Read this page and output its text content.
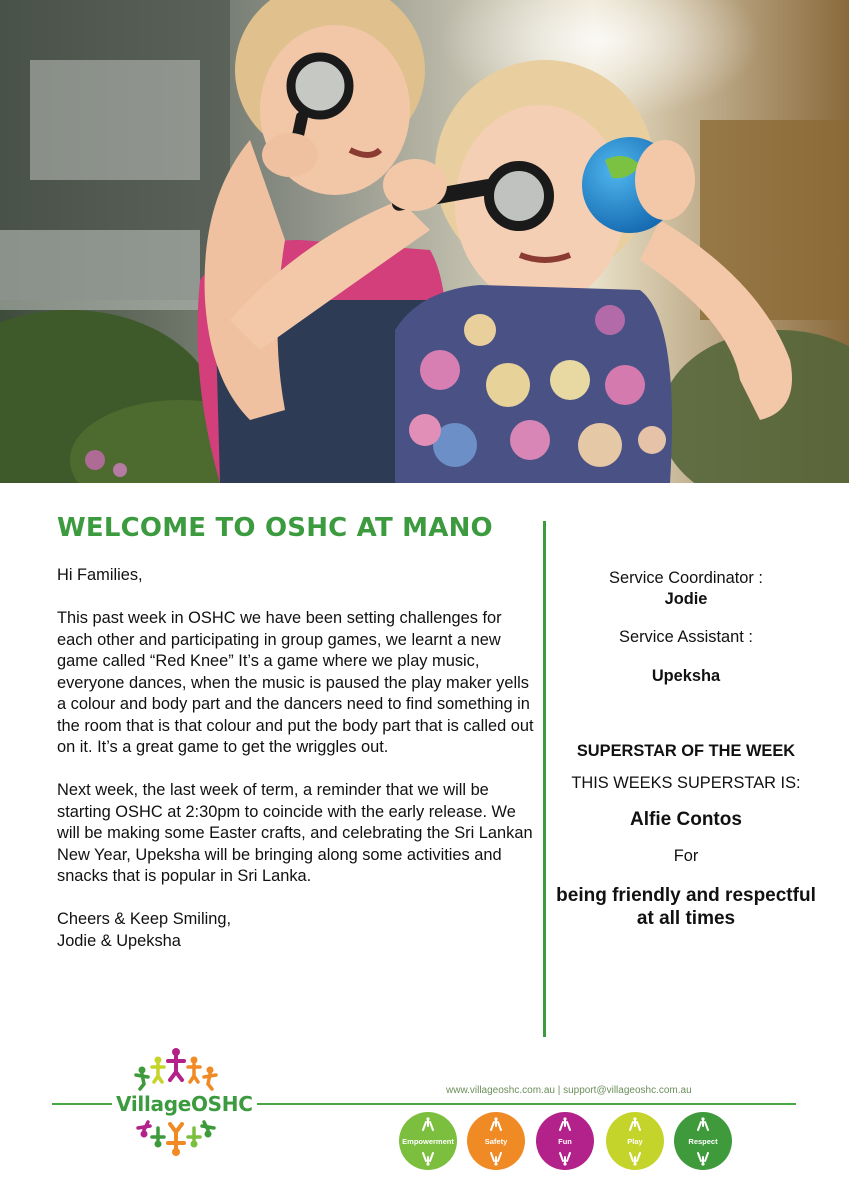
WELCOME TO OSHC AT MANO

Hi Families,

This past week in OSHC we have been setting challenges for each other and participating in group games, we learnt a new game called “Red Knee” It’s a game where we play music, everyone dances, when the music is paused the play maker yells a colour and body part and the dancers need to find something in the room that is that colour and put the body part that is called out on it. It’s a great game to get the wriggles out.

Next week, the last week of term, a reminder that we will be starting OSHC at 2:30pm to coincide with the early release. We will be making some Easter crafts, and celebrating the Sri Lankan New Year, Upeksha will be bringing along some activities and snacks that is popular in Sri Lanka.

Cheers & Keep Smiling,

Jodie & Upeksha

Service Coordinator :
Jodie
Service Assistant :
Upeksha
SUPERSTAR OF THE WEEK
THIS WEEKS SUPERSTAR IS:
Alfie Contos
For
being friendly and respectful at all times
VillageOSHC
www.villageoshc.com.au | support@villageoshc.com.au
Empowerment	Safety	Fun	Play	Respect
